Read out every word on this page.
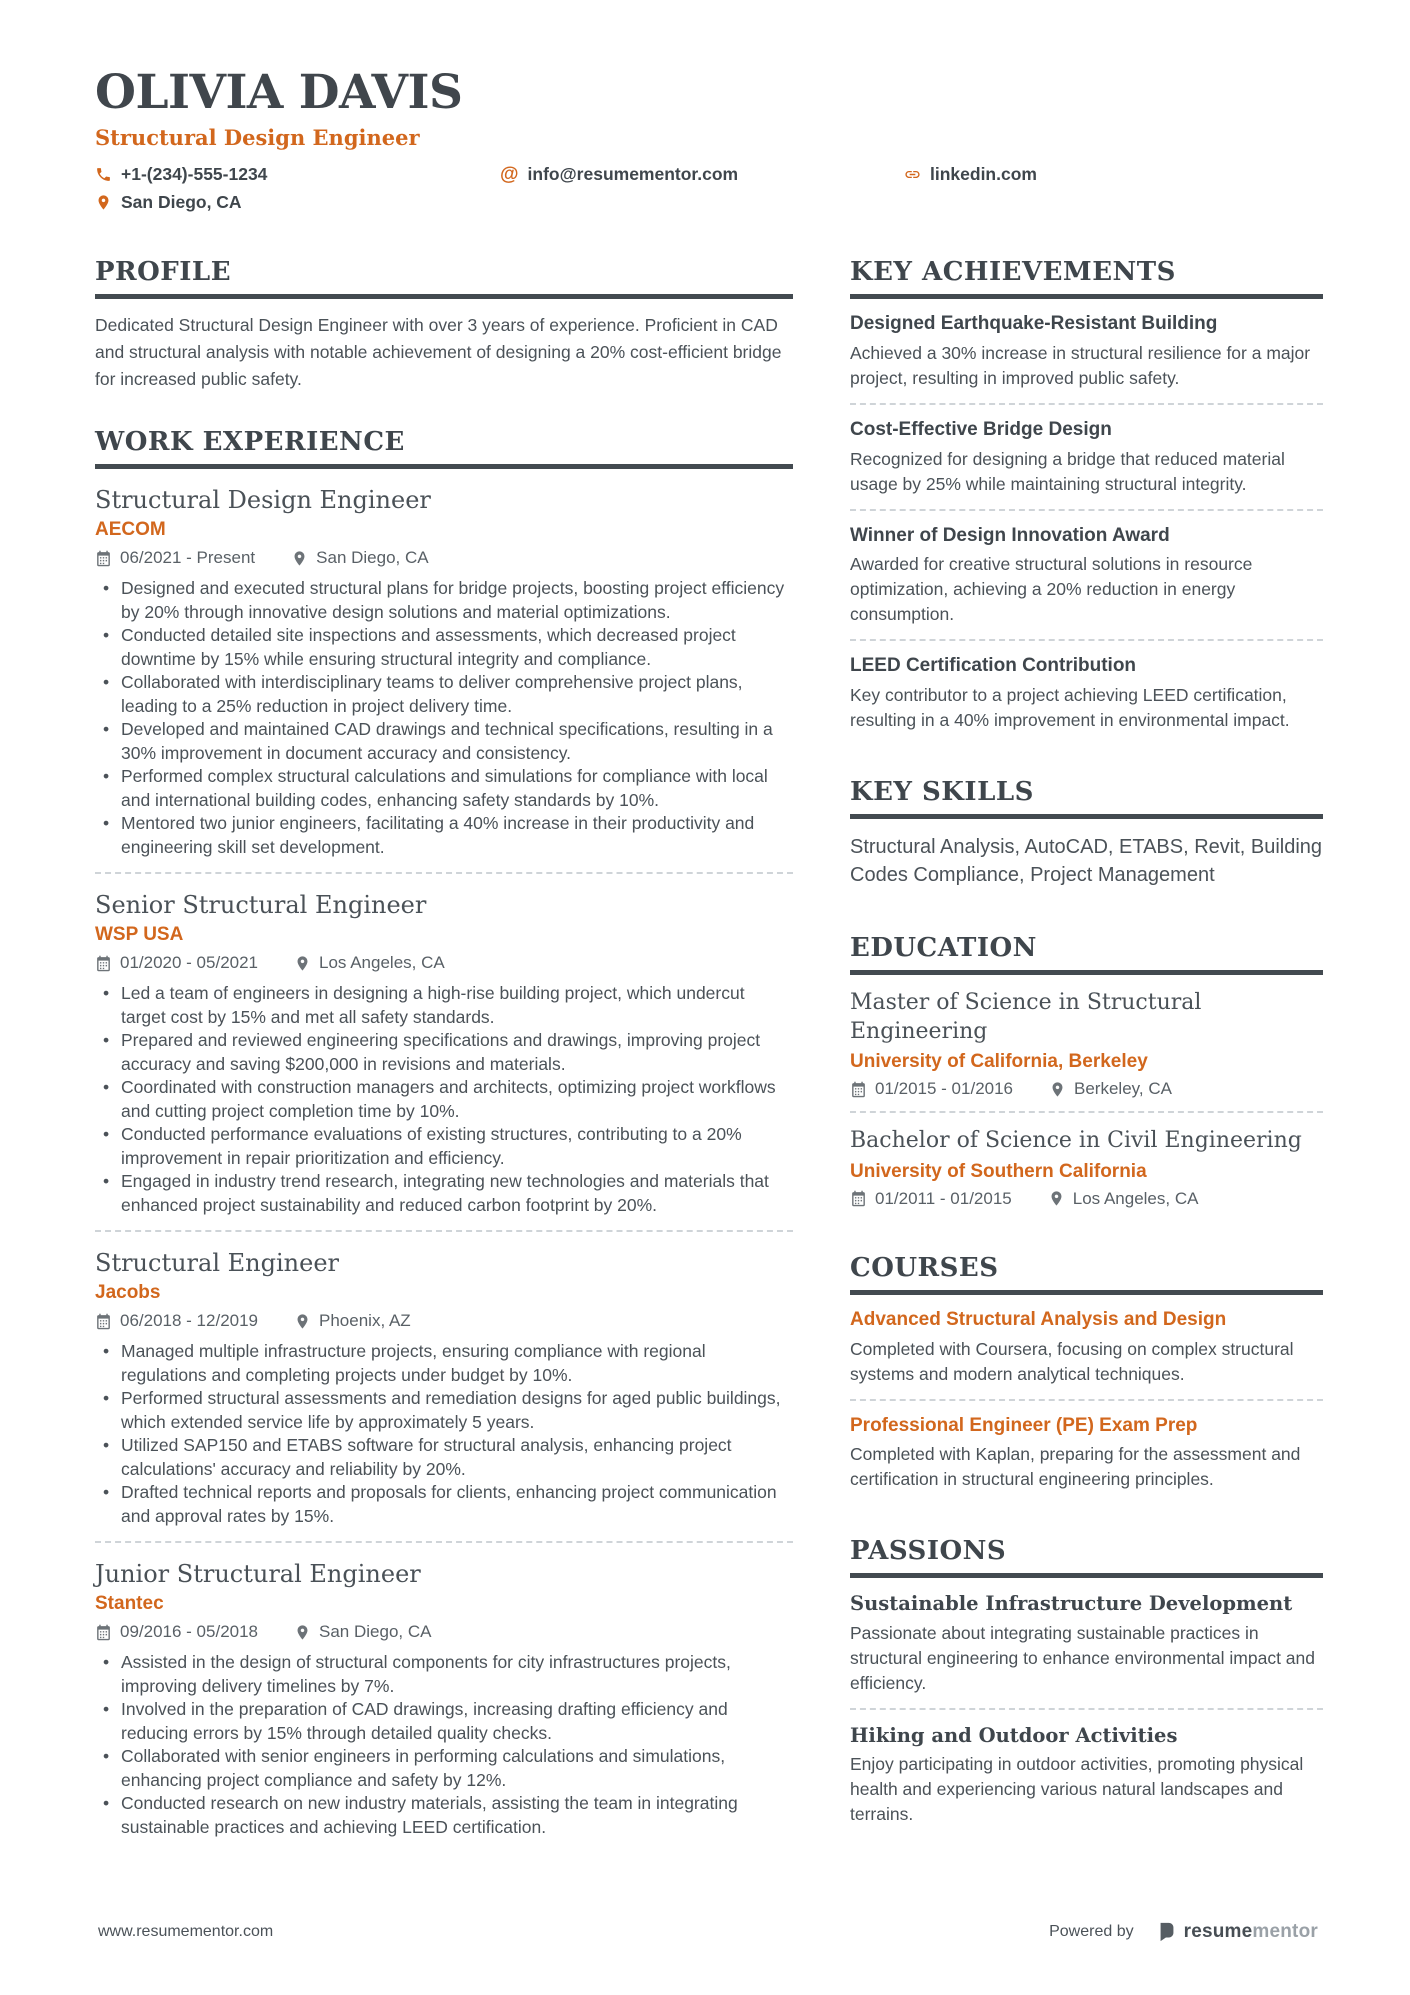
OLIVIA DAVIS
Structural Design Engineer
+1-(234)-555-1234	@ info@resumementor.com	linkedin.com
San Diego, CA
PROFILE

Dedicated Structural Design Engineer with over 3 years of experience. Proficient in CAD and structural analysis with notable achievement of designing a 20% cost-efficient bridge for increased public safety.

WORK EXPERIENCE
Structural Design Engineer
AECOM
06/2021 - Present	San Diego, CA
• Designed and executed structural plans for bridge projects, boosting project efficiency by 20% through innovative design solutions and material optimizations.
• Conducted detailed site inspections and assessments, which decreased project downtime by 15% while ensuring structural integrity and compliance.
• Collaborated with interdisciplinary teams to deliver comprehensive project plans, leading to a 25% reduction in project delivery time.
• Developed and maintained CAD drawings and technical specifications, resulting in a 30% improvement in document accuracy and consistency.
• Performed complex structural calculations and simulations for compliance with local and international building codes, enhancing safety standards by 10%.
• Mentored two junior engineers, facilitating a 40% increase in their productivity and engineering skill set development.
Senior Structural Engineer
WSP USA
01/2020 - 05/2021	Los Angeles, CA
• Led a team of engineers in designing a high-rise building project, which undercut target cost by 15% and met all safety standards.
• Prepared and reviewed engineering specifications and drawings, improving project accuracy and saving $200,000 in revisions and materials.
• Coordinated with construction managers and architects, optimizing project workflows and cutting project completion time by 10%.
• Conducted performance evaluations of existing structures, contributing to a 20% improvement in repair prioritization and efficiency.
• Engaged in industry trend research, integrating new technologies and materials that enhanced project sustainability and reduced carbon footprint by 20%.
Structural Engineer
Jacobs
06/2018 - 12/2019	Phoenix, AZ
• Managed multiple infrastructure projects, ensuring compliance with regional regulations and completing projects under budget by 10%.
• Performed structural assessments and remediation designs for aged public buildings, which extended service life by approximately 5 years.
• Utilized SAP150 and ETABS software for structural analysis, enhancing project calculations' accuracy and reliability by 20%.
• Drafted technical reports and proposals for clients, enhancing project communication and approval rates by 15%.
Junior Structural Engineer
Stantec
09/2016 - 05/2018	San Diego, CA
• Assisted in the design of structural components for city infrastructures projects, improving delivery timelines by 7%.
• Involved in the preparation of CAD drawings, increasing drafting efficiency and reducing errors by 15% through detailed quality checks.
• Collaborated with senior engineers in performing calculations and simulations, enhancing project compliance and safety by 12%.
• Conducted research on new industry materials, assisting the team in integrating sustainable practices and achieving LEED certification.
KEY ACHIEVEMENTS
Designed Earthquake-Resistant Building
Achieved a 30% increase in structural resilience for a major project, resulting in improved public safety.
Cost-Effective Bridge Design
Recognized for designing a bridge that reduced material usage by 25% while maintaining structural integrity.
Winner of Design Innovation Award
Awarded for creative structural solutions in resource optimization, achieving a 20% reduction in energy consumption.
LEED Certification Contribution
Key contributor to a project achieving LEED certification, resulting in a 40% improvement in environmental impact.
KEY SKILLS
Structural Analysis, AutoCAD, ETABS, Revit, Building Codes Compliance, Project Management
EDUCATION
Master of Science in Structural Engineering
University of California, Berkeley
01/2015 - 01/2016	Berkeley, CA
Bachelor of Science in Civil Engineering
University of Southern California
01/2011 - 01/2015	Los Angeles, CA
COURSES
Advanced Structural Analysis and Design
Completed with Coursera, focusing on complex structural systems and modern analytical techniques.
Professional Engineer (PE) Exam Prep
Completed with Kaplan, preparing for the assessment and certification in structural engineering principles.
PASSIONS
Sustainable Infrastructure Development
Passionate about integrating sustainable practices in structural engineering to enhance environmental impact and efficiency.
Hiking and Outdoor Activities
Enjoy participating in outdoor activities, promoting physical health and experiencing various natural landscapes and terrains.
www.resumementor.com	Powered by	resumementor
